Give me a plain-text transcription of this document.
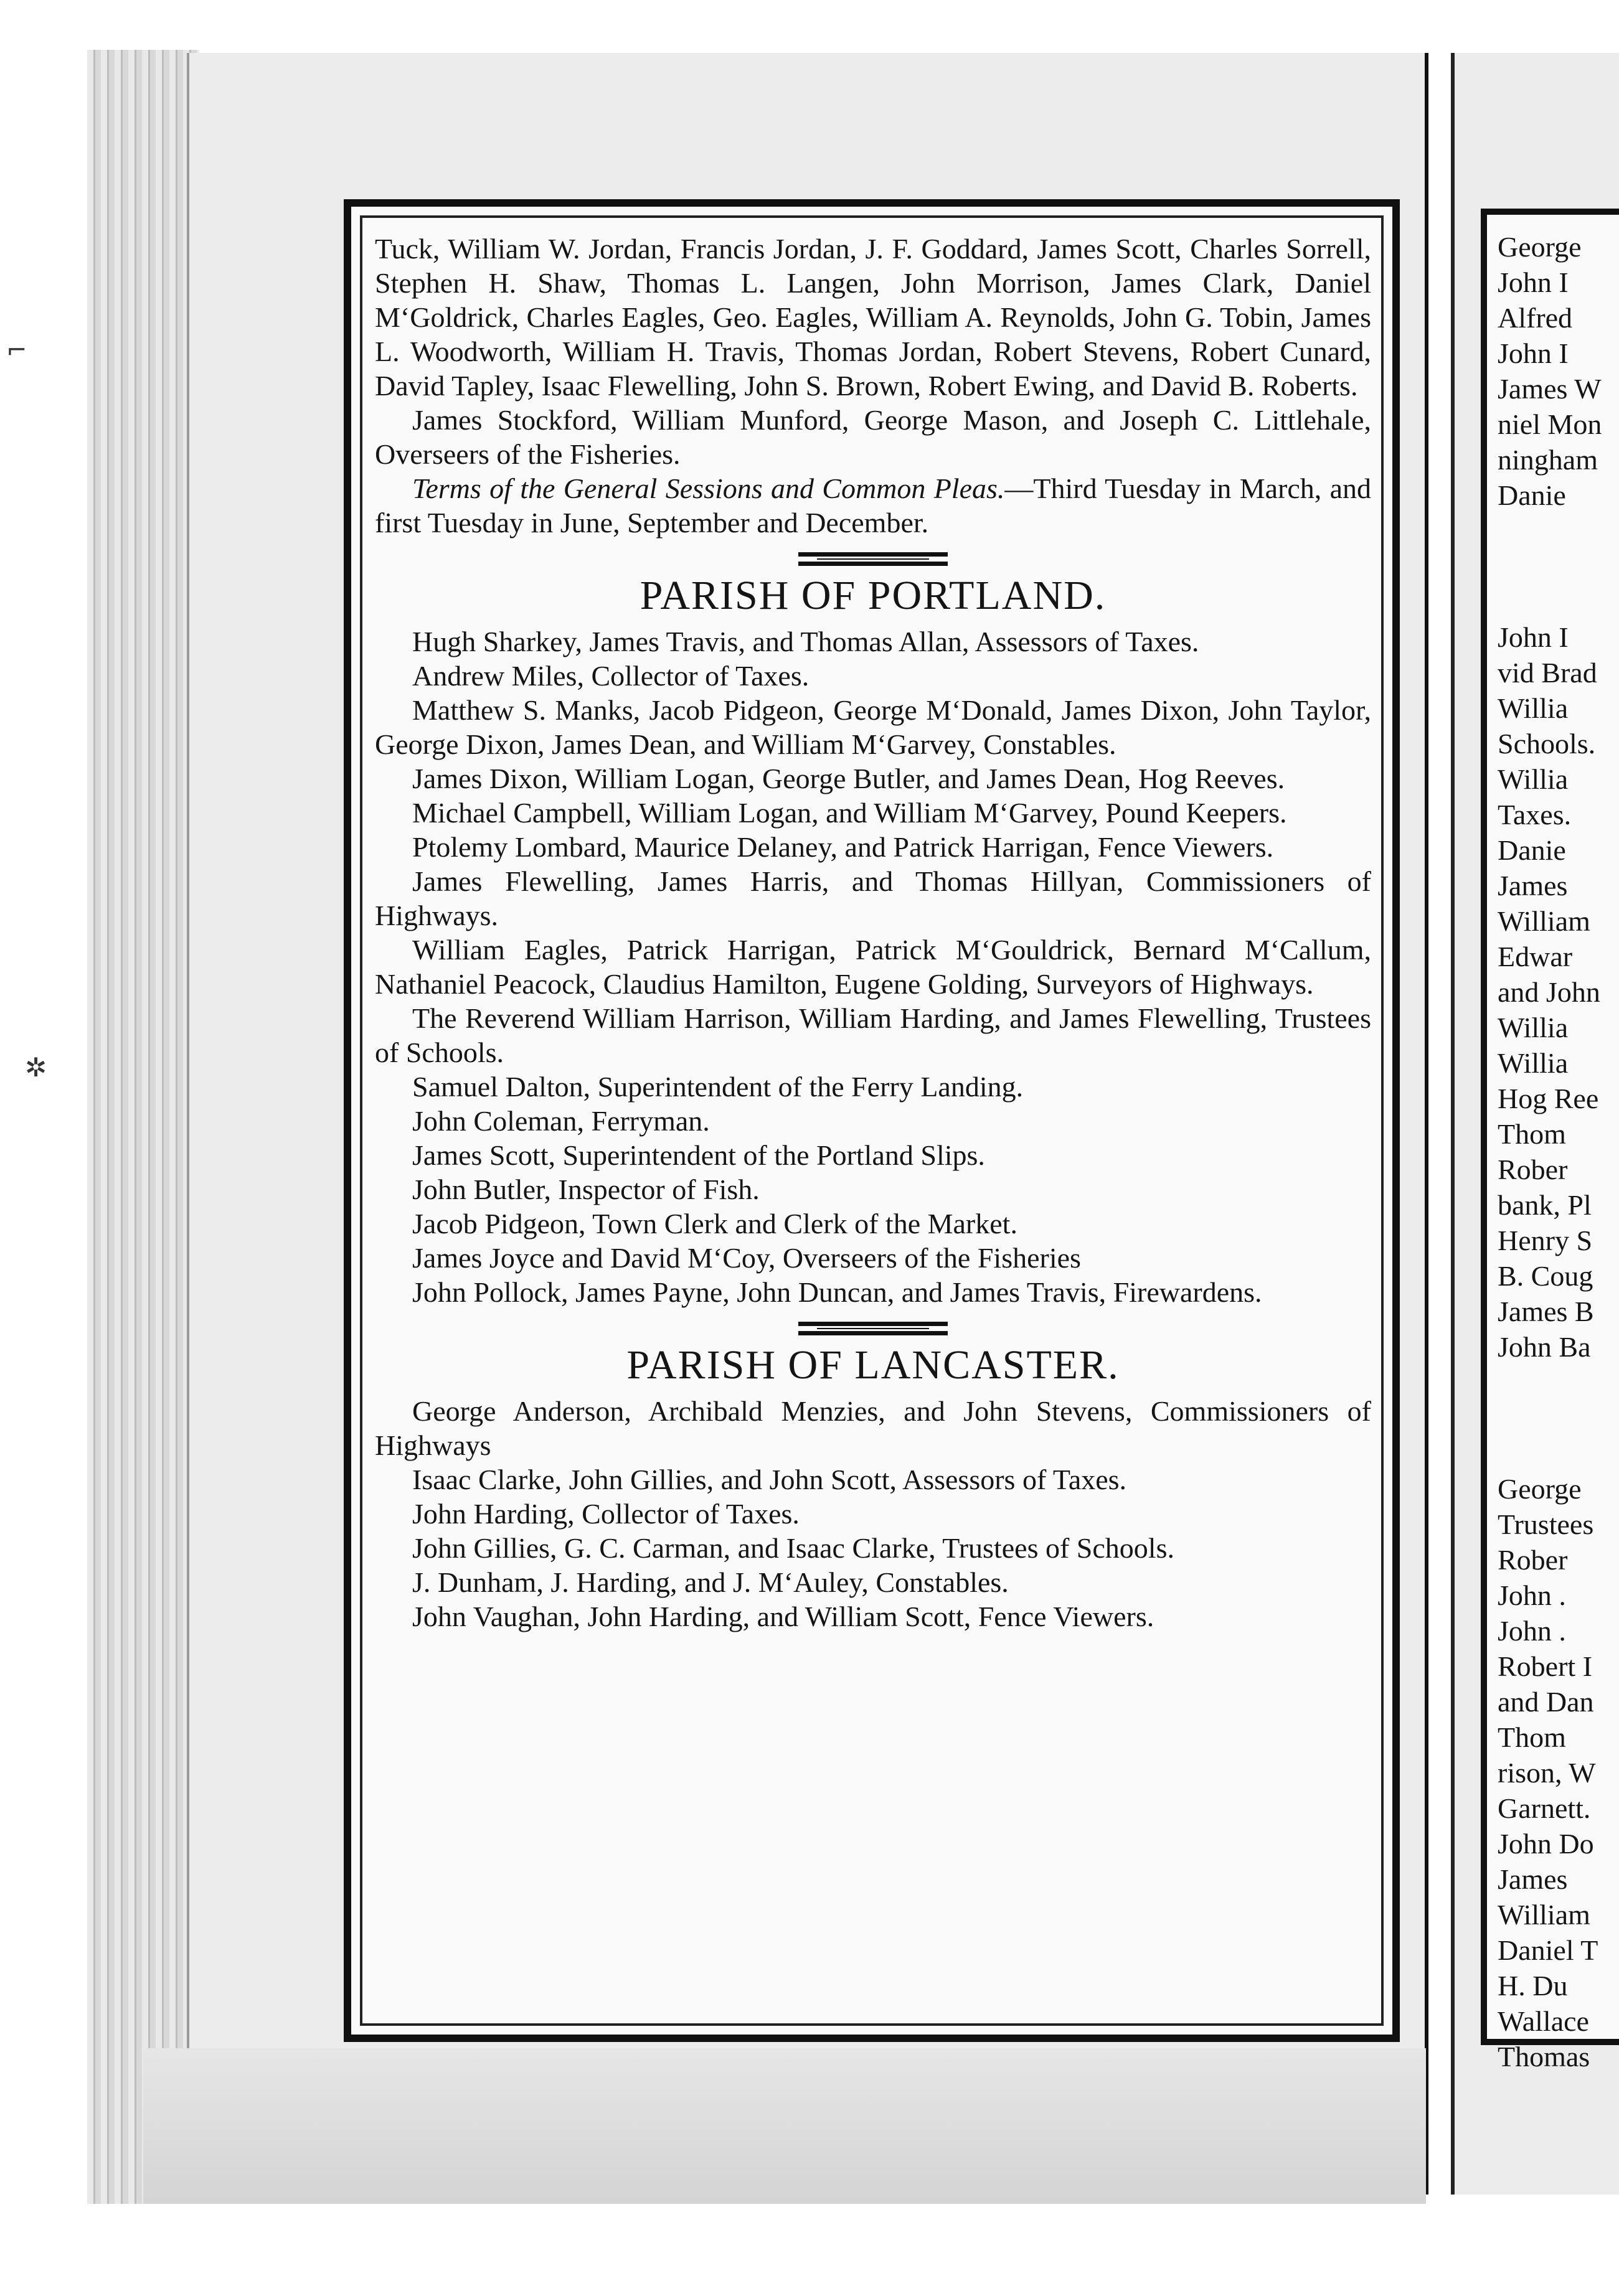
George
John I
Alfred
John I
James W
niel Mon
ningham
Danie
John I
vid Brad
Willia
Schools.
Willia
Taxes.
Danie
James
William
Edwar
and John
Willia
Willia
Hog Ree
Thom
Rober
bank, Pl
Henry S
B. Coug
James B
John Ba
George
Trustees
Rober
John .
John .
Robert I
and Dan
Thom
rison, W
Garnett.
John Do
James
William
Daniel T
H. Du
Wallace
Thomas
⌐
✲

Tuck, William W. Jordan, Francis Jordan, J. F. Goddard, James Scott, Charles Sorrell, Stephen H. Shaw, Thomas L. Langen, John Morrison, James Clark, Daniel M‘Goldrick, Charles Eagles, Geo. Eagles, William A. Reynolds, John G. Tobin, James L. Woodworth, William H. Travis, Thomas Jordan, Robert Stevens, Robert Cunard, David Tapley, Isaac Flewelling, John S. Brown, Robert Ewing, and David B. Roberts.

James Stockford, William Munford, George Mason, and Joseph C. Littlehale, Overseers of the Fisheries.

Terms of the General Sessions and Common Pleas.—Third Tuesday in March, and first Tuesday in June, September and December.

PARISH OF PORTLAND.

Hugh Sharkey, James Travis, and Thomas Allan, Assessors of Taxes.

Andrew Miles, Collector of Taxes.

Matthew S. Manks, Jacob Pidgeon, George M‘Donald, James Dixon, John Taylor, George Dixon, James Dean, and William M‘Garvey, Constables.

James Dixon, William Logan, George Butler, and James Dean, Hog Reeves.

Michael Campbell, William Logan, and William M‘Garvey, Pound Keepers.

Ptolemy Lombard, Maurice Delaney, and Patrick Harrigan, Fence Viewers.

James Flewelling, James Harris, and Thomas Hillyan, Commissioners of Highways.

William Eagles, Patrick Harrigan, Patrick M‘Gouldrick, Bernard M‘Callum, Nathaniel Peacock, Claudius Hamilton, Eugene Golding, Surveyors of Highways.

The Reverend William Harrison, William Harding, and James Flewelling, Trustees of Schools.

Samuel Dalton, Superintendent of the Ferry Landing.

John Coleman, Ferryman.

James Scott, Superintendent of the Portland Slips.

John Butler, Inspector of Fish.

Jacob Pidgeon, Town Clerk and Clerk of the Market.

James Joyce and David M‘Coy, Overseers of the Fisheries

John Pollock, James Payne, John Duncan, and James Travis, Firewardens.

PARISH OF LANCASTER.

George Anderson, Archibald Menzies, and John Stevens, Commissioners of Highways

Isaac Clarke, John Gillies, and John Scott, Assessors of Taxes.

John Harding, Collector of Taxes.

John Gillies, G. C. Carman, and Isaac Clarke, Trustees of Schools.

J. Dunham, J. Harding, and J. M‘Auley, Constables.

John Vaughan, John Harding, and William Scott, Fence Viewers.
